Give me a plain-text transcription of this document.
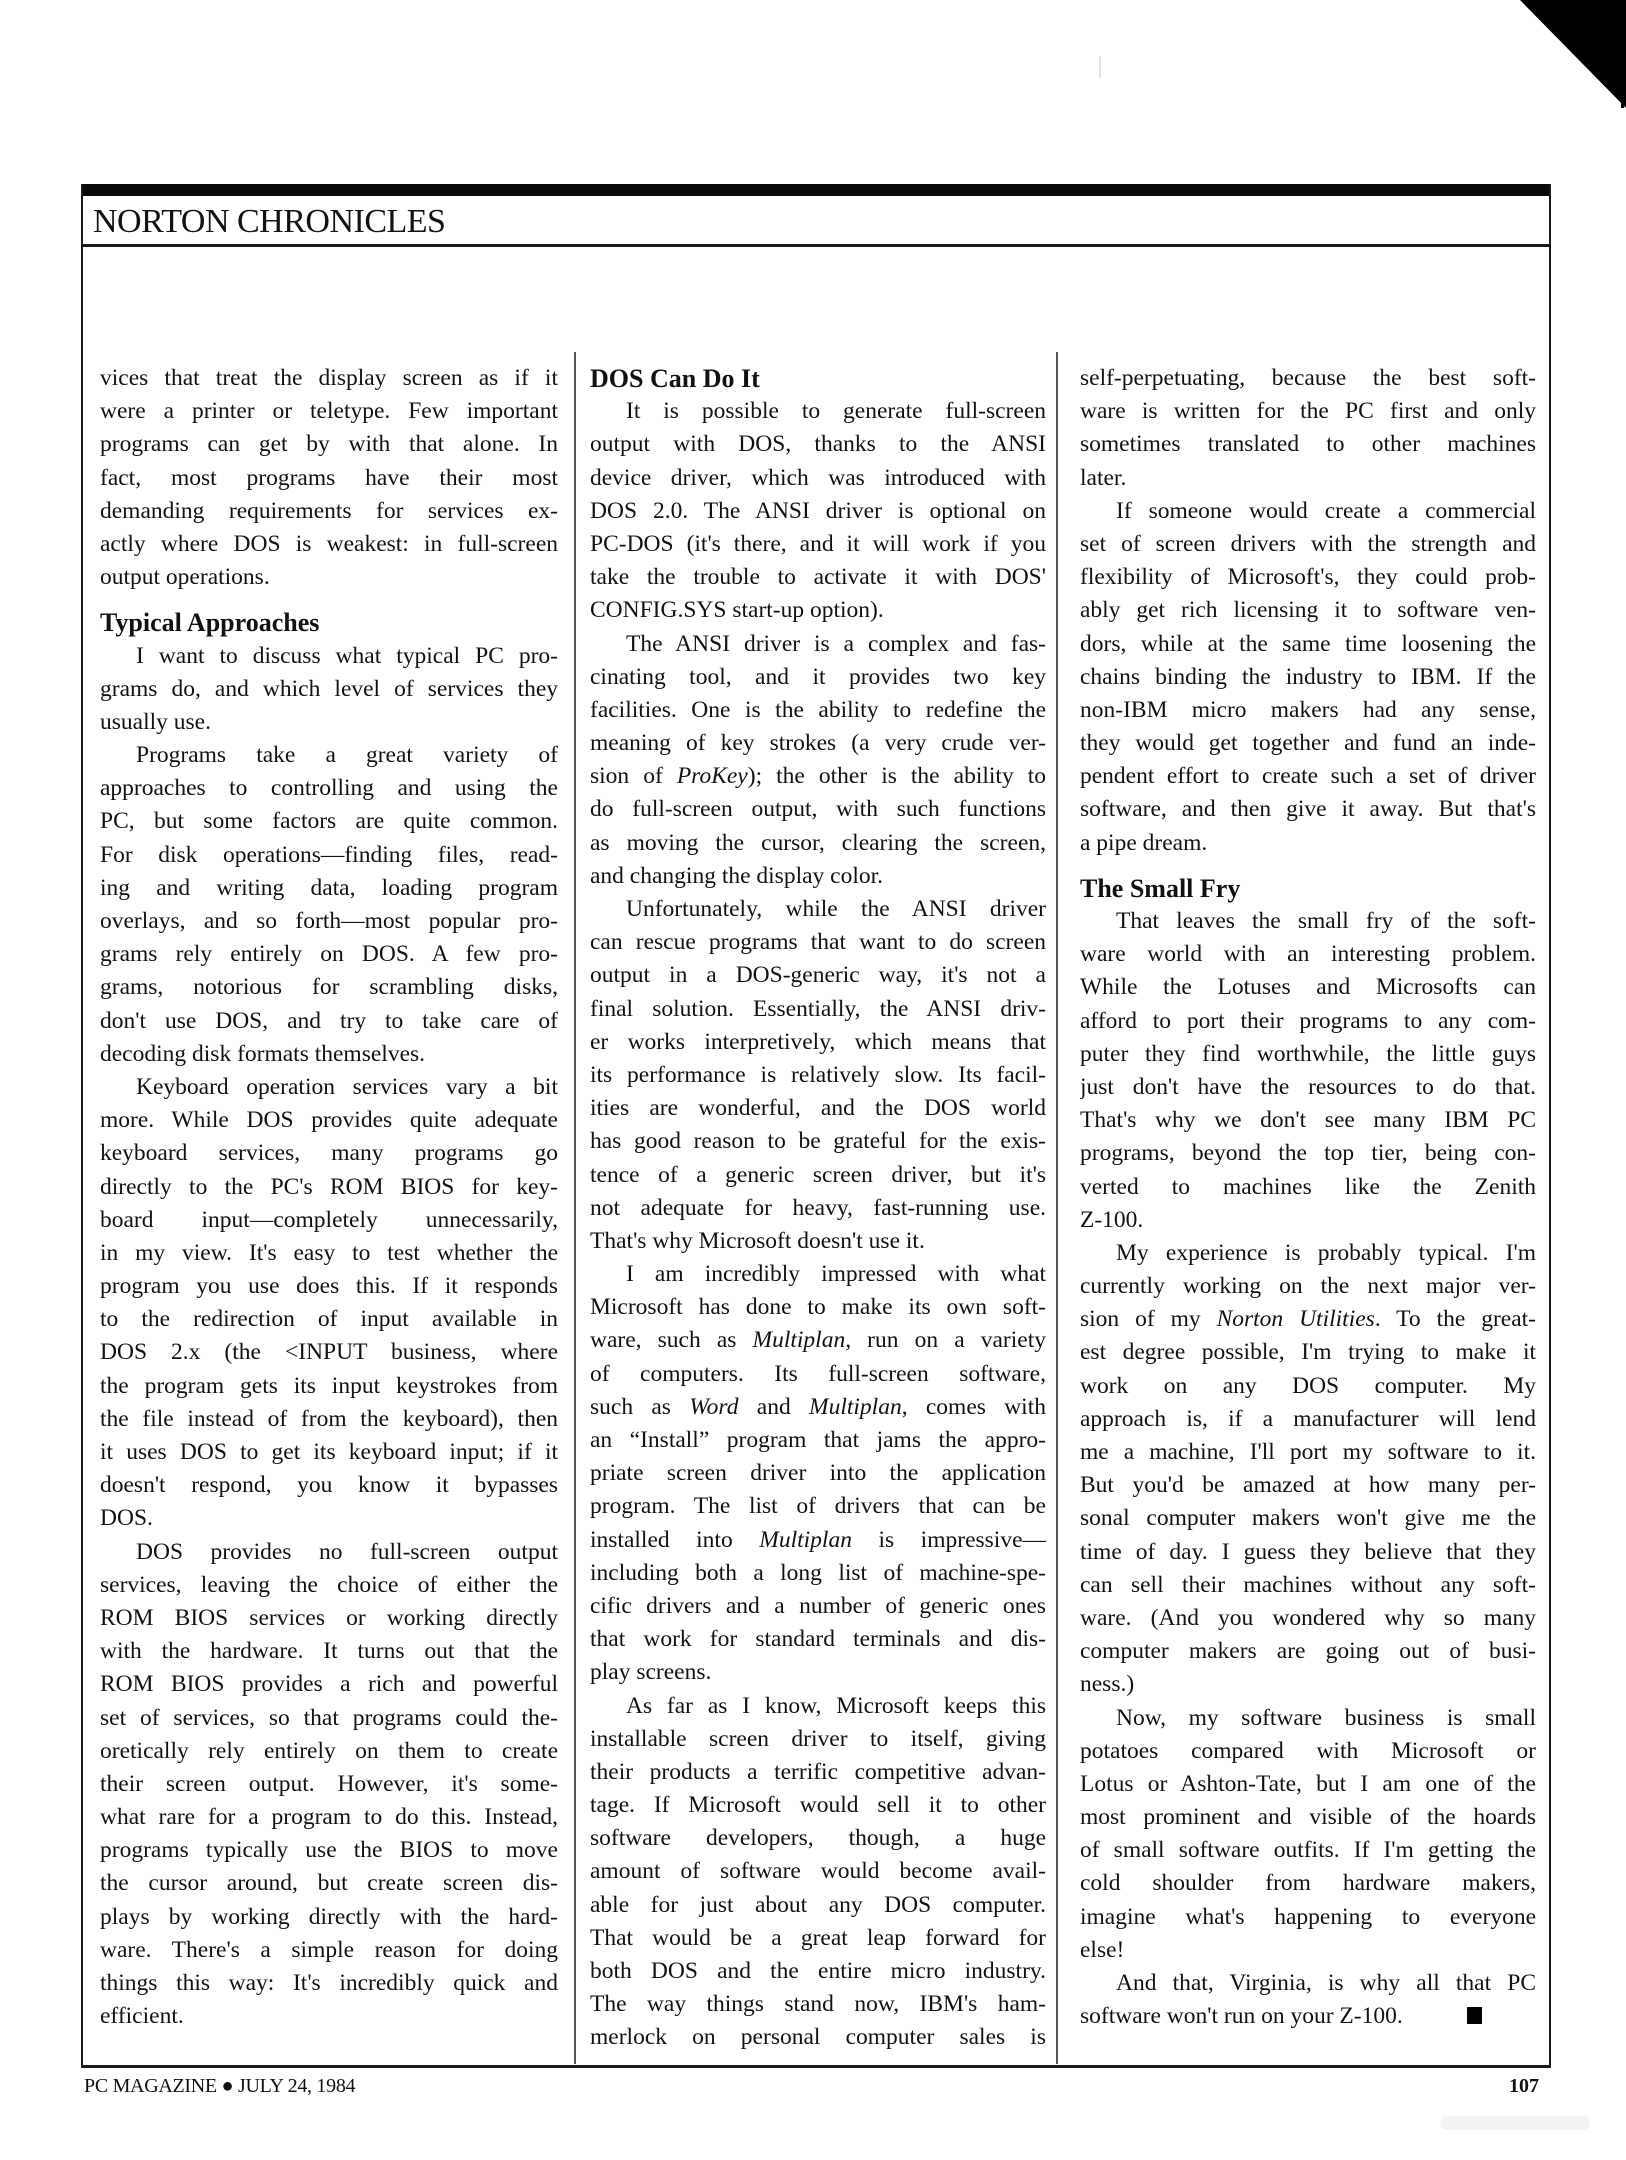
NORTON CHRONICLES
vices that treat the display screen as if it
were a printer or teletype. Few important
programs can get by with that alone. In
fact, most programs have their most
demanding requirements for services ex-
actly where DOS is weakest: in full-screen
output operations.
Typical Approaches
I want to discuss what typical PC pro-
grams do, and which level of services they
usually use.
Programs take a great variety of
approaches to controlling and using the
PC, but some factors are quite common.
For disk operations—finding files, read-
ing and writing data, loading program
overlays, and so forth—most popular pro-
grams rely entirely on DOS. A few pro-
grams, notorious for scrambling disks,
don't use DOS, and try to take care of
decoding disk formats themselves.
Keyboard operation services vary a bit
more. While DOS provides quite adequate
keyboard services, many programs go
directly to the PC's ROM BIOS for key-
board input—completely unnecessarily,
in my view. It's easy to test whether the
program you use does this. If it responds
to the redirection of input available in
DOS 2.x (the <INPUT business, where
the program gets its input keystrokes from
the file instead of from the keyboard), then
it uses DOS to get its keyboard input; if it
doesn't respond, you know it bypasses
DOS.
DOS provides no full-screen output
services, leaving the choice of either the
ROM BIOS services or working directly
with the hardware. It turns out that the
ROM BIOS provides a rich and powerful
set of services, so that programs could the-
oretically rely entirely on them to create
their screen output. However, it's some-
what rare for a program to do this. Instead,
programs typically use the BIOS to move
the cursor around, but create screen dis-
plays by working directly with the hard-
ware. There's a simple reason for doing
things this way: It's incredibly quick and
efficient.
DOS Can Do It
It is possible to generate full-screen
output with DOS, thanks to the ANSI
device driver, which was introduced with
DOS 2.0. The ANSI driver is optional on
PC-DOS (it's there, and it will work if you
take the trouble to activate it with DOS'
CONFIG.SYS start-up option).
The ANSI driver is a complex and fas-
cinating tool, and it provides two key
facilities. One is the ability to redefine the
meaning of key strokes (a very crude ver-
sion of ProKey); the other is the ability to
do full-screen output, with such functions
as moving the cursor, clearing the screen,
and changing the display color.
Unfortunately, while the ANSI driver
can rescue programs that want to do screen
output in a DOS-generic way, it's not a
final solution. Essentially, the ANSI driv-
er works interpretively, which means that
its performance is relatively slow. Its facil-
ities are wonderful, and the DOS world
has good reason to be grateful for the exis-
tence of a generic screen driver, but it's
not adequate for heavy, fast-running use.
That's why Microsoft doesn't use it.
I am incredibly impressed with what
Microsoft has done to make its own soft-
ware, such as Multiplan, run on a variety
of computers. Its full-screen software,
such as Word and Multiplan, comes with
an “Install” program that jams the appro-
priate screen driver into the application
program. The list of drivers that can be
installed into Multiplan is impressive—
including both a long list of machine-spe-
cific drivers and a number of generic ones
that work for standard terminals and dis-
play screens.
As far as I know, Microsoft keeps this
installable screen driver to itself, giving
their products a terrific competitive advan-
tage. If Microsoft would sell it to other
software developers, though, a huge
amount of software would become avail-
able for just about any DOS computer.
That would be a great leap forward for
both DOS and the entire micro industry.
The way things stand now, IBM's ham-
merlock on personal computer sales is
self-perpetuating, because the best soft-
ware is written for the PC first and only
sometimes translated to other machines
later.
If someone would create a commercial
set of screen drivers with the strength and
flexibility of Microsoft's, they could prob-
ably get rich licensing it to software ven-
dors, while at the same time loosening the
chains binding the industry to IBM. If the
non-IBM micro makers had any sense,
they would get together and fund an inde-
pendent effort to create such a set of driver
software, and then give it away. But that's
a pipe dream.
The Small Fry
That leaves the small fry of the soft-
ware world with an interesting problem.
While the Lotuses and Microsofts can
afford to port their programs to any com-
puter they find worthwhile, the little guys
just don't have the resources to do that.
That's why we don't see many IBM PC
programs, beyond the top tier, being con-
verted to machines like the Zenith
Z-100.
My experience is probably typical. I'm
currently working on the next major ver-
sion of my Norton Utilities. To the great-
est degree possible, I'm trying to make it
work on any DOS computer. My
approach is, if a manufacturer will lend
me a machine, I'll port my software to it.
But you'd be amazed at how many per-
sonal computer makers won't give me the
time of day. I guess they believe that they
can sell their machines without any soft-
ware. (And you wondered why so many
computer makers are going out of busi-
ness.)
Now, my software business is small
potatoes compared with Microsoft or
Lotus or Ashton-Tate, but I am one of the
most prominent and visible of the hoards
of small software outfits. If I'm getting the
cold shoulder from hardware makers,
imagine what's happening to everyone
else!
And that, Virginia, is why all that PC
software won't run on your Z-100.
PC MAGAZINE ● JULY 24, 1984	107
